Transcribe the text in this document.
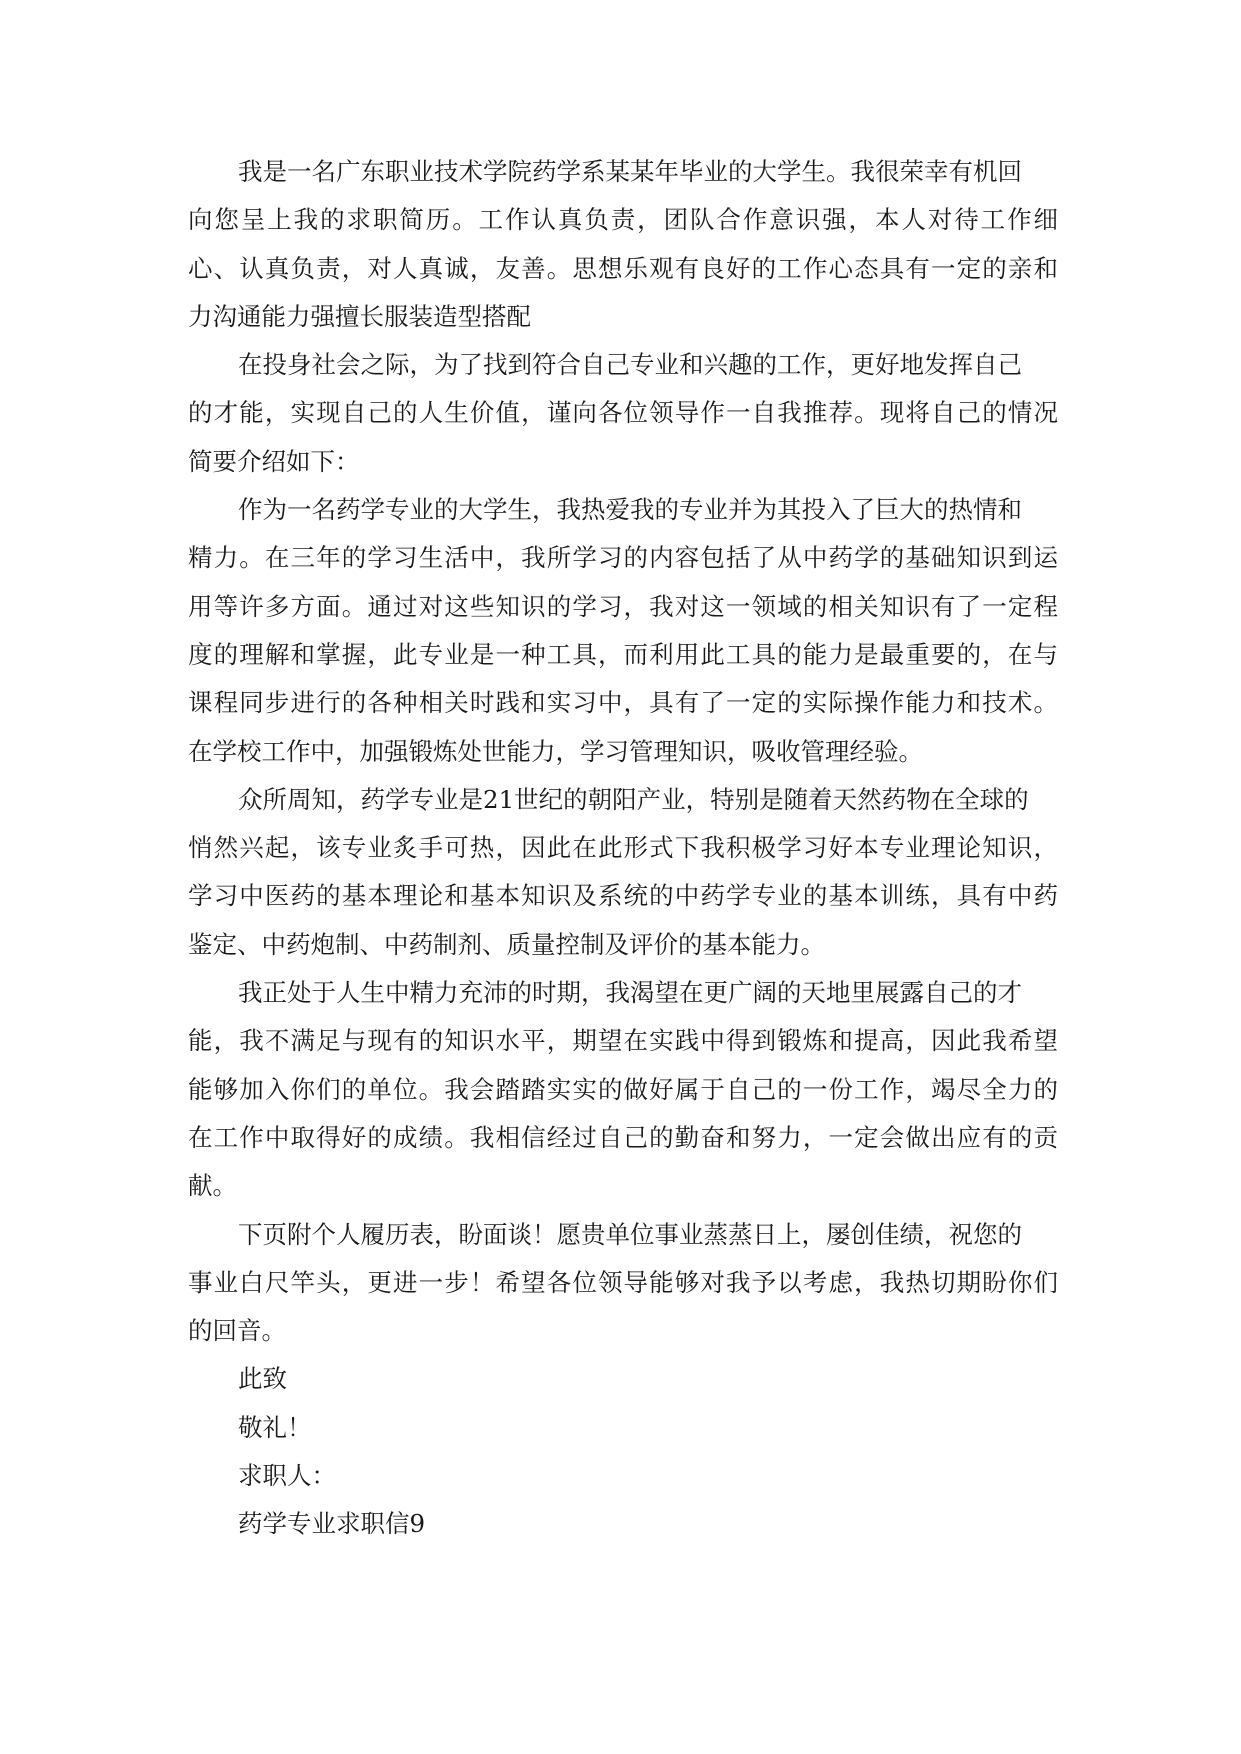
我是一名广东职业技术学院药学系某某年毕业的大学生。我很荣幸有机回
向您呈上我的求职简历。工作认真负责，团队合作意识强，本人对待工作细
心、认真负责，对人真诚，友善。思想乐观有良好的工作心态具有一定的亲和
力沟通能力强擅长服装造型搭配
在投身社会之际，为了找到符合自己专业和兴趣的工作，更好地发挥自己
的才能，实现自己的人生价值，谨向各位领导作一自我推荐。现将自己的情况
简要介绍如下：
作为一名药学专业的大学生，我热爱我的专业并为其投入了巨大的热情和
精力。在三年的学习生活中，我所学习的内容包括了从中药学的基础知识到运
用等许多方面。通过对这些知识的学习，我对这一领域的相关知识有了一定程
度的理解和掌握，此专业是一种工具，而利用此工具的能力是最重要的，在与
课程同步进行的各种相关时践和实习中，具有了一定的实际操作能力和技术。
在学校工作中，加强锻炼处世能力，学习管理知识，吸收管理经验。
众所周知，药学专业是21世纪的朝阳产业，特别是随着天然药物在全球的
悄然兴起，该专业炙手可热，因此在此形式下我积极学习好本专业理论知识，
学习中医药的基本理论和基本知识及系统的中药学专业的基本训练，具有中药
鉴定、中药炮制、中药制剂、质量控制及评价的基本能力。
我正处于人生中精力充沛的时期，我渴望在更广阔的天地里展露自己的才
能，我不满足与现有的知识水平，期望在实践中得到锻炼和提高，因此我希望
能够加入你们的单位。我会踏踏实实的做好属于自己的一份工作，竭尽全力的
在工作中取得好的成绩。我相信经过自己的勤奋和努力，一定会做出应有的贡
献。
下页附个人履历表，盼面谈！愿贵单位事业蒸蒸日上，屡创佳绩，祝您的
事业白尺竿头，更进一步！希望各位领导能够对我予以考虑，我热切期盼你们
的回音。
此致
敬礼！
求职人：
药学专业求职信9
